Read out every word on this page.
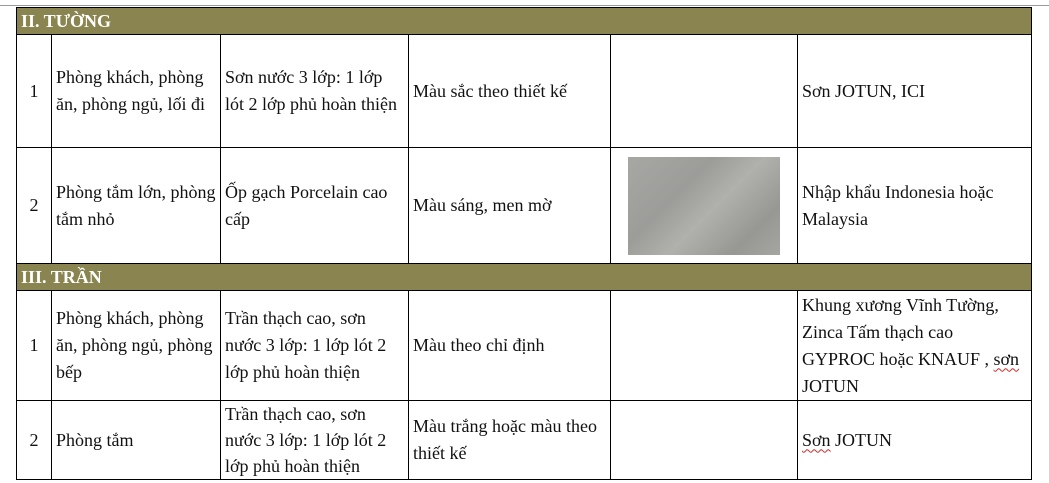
II. TƯỜNG					
1	Phòng khách, phòng ăn, phòng ngủ, lối đi	Sơn nước 3 lớp: 1 lớp lót 2 lớp phủ hoàn thiện	Màu sắc theo thiết kế		Sơn JOTUN, ICI
2	Phòng tắm lớn, phòng tắm nhỏ	Ốp gạch Porcelain cao cấp	Màu sáng, men mờ		Nhập khẩu Indonesia hoặc Malaysia
III. TRẦN					
1	Phòng khách, phòng ăn, phòng ngủ, phòng bếp	Trần thạch cao, sơn nước 3 lớp: 1 lớp lót 2 lớp phủ hoàn thiện	Màu theo chỉ định		Khung xương Vĩnh Tường, Zinca Tấm thạch cao GYPROC hoặc KNAUF , sơn JOTUN
2	Phòng tắm	Trần thạch cao, sơn nước 3 lớp: 1 lớp lót 2 lớp phủ hoàn thiện	Màu trắng hoặc màu theo thiết kế		Sơn JOTUN
